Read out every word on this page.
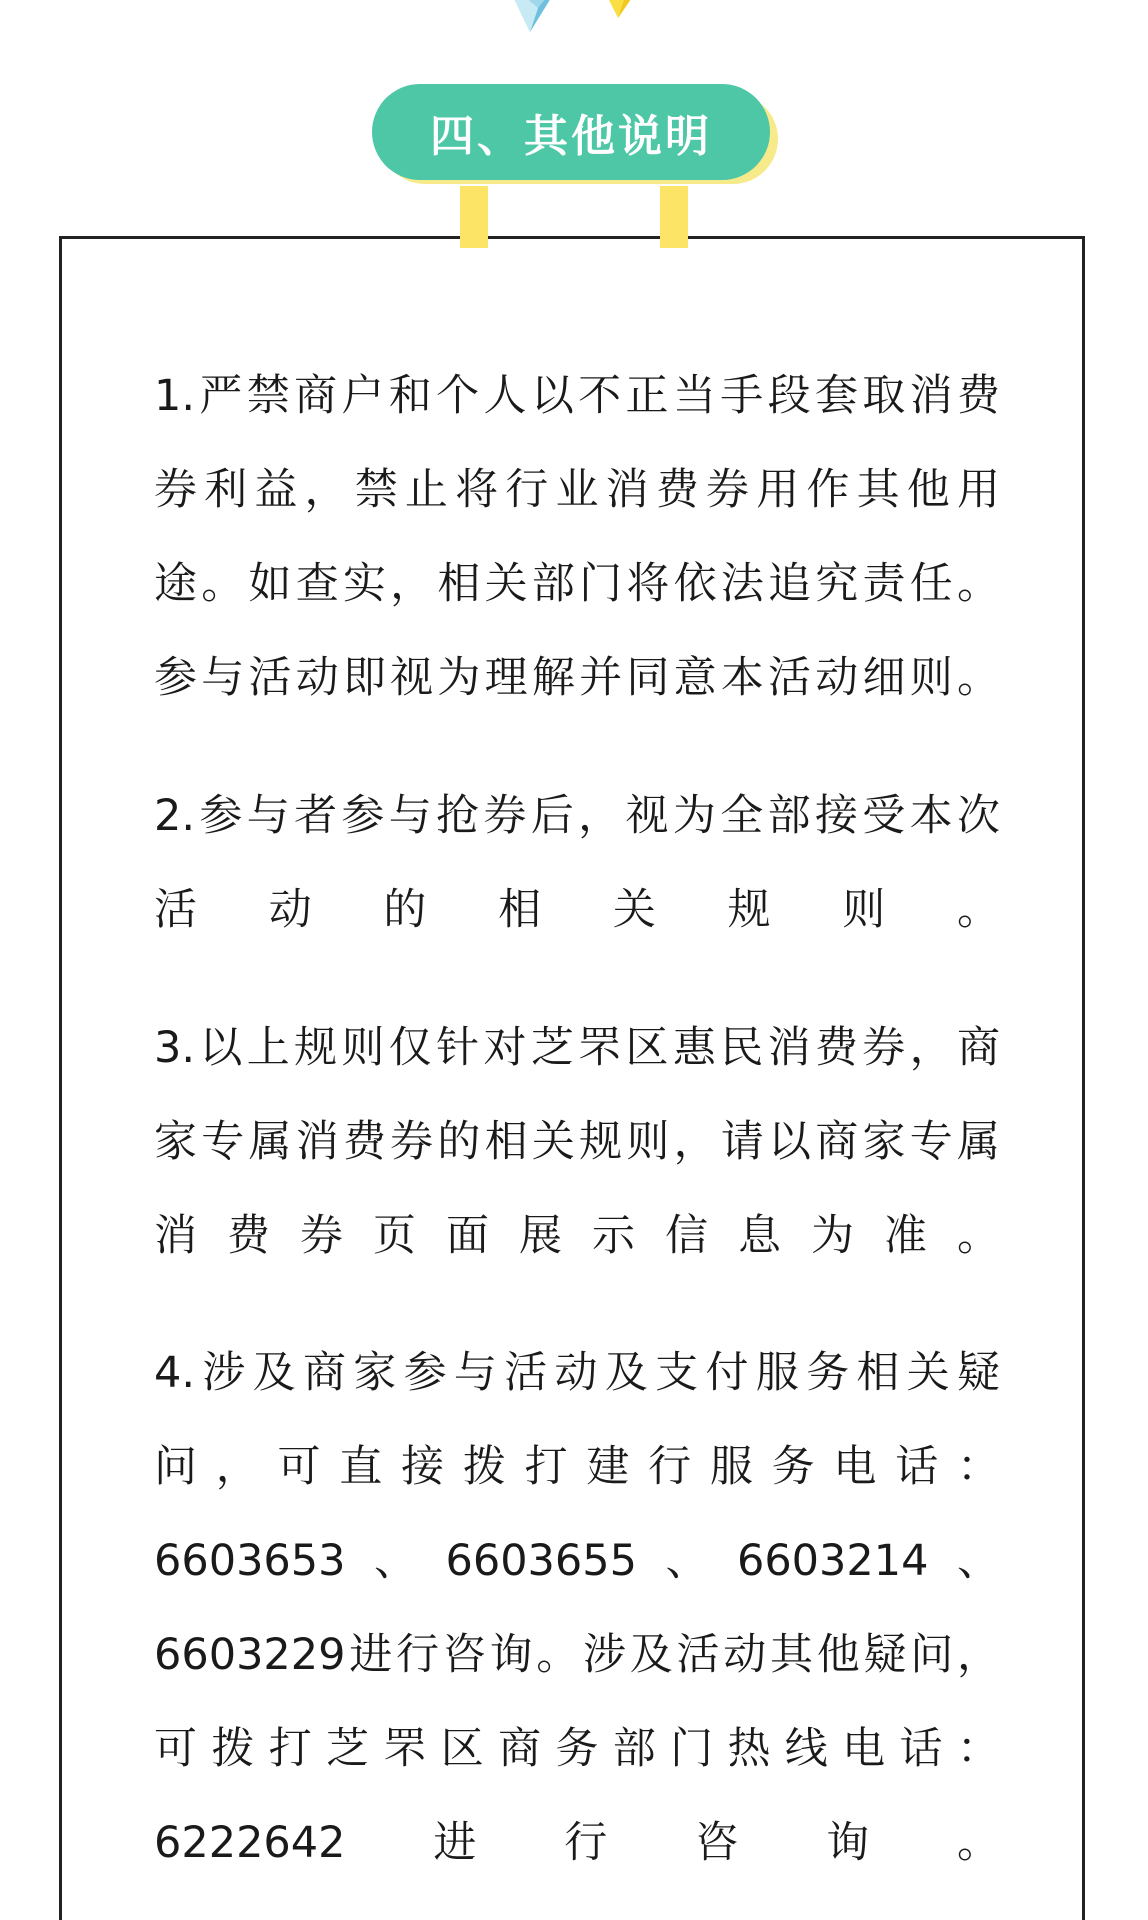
四、其他说明
1.严禁商户和个人以不正当手段套取消费
券利益，禁止将行业消费券用作其他用
途。如查实，相关部门将依法追究责任。
参与活动即视为理解并同意本活动细则。
2.参与者参与抢券后，视为全部接受本次
活动的相关规则。
3.以上规则仅针对芝罘区惠民消费券，商
家专属消费券的相关规则，请以商家专属
消费券页面展示信息为准。
4.涉及商家参与活动及支付服务相关疑
问 ， 可 直 接 拨 打 建 行 服 务 电 话 ：
6603653 、 6603655 、 6603214 、
6603229进行咨询。涉及活动其他疑问，
可 拨 打 芝 罘 区 商 务 部 门 热 线 电 话 ：
6222642进行咨询。
